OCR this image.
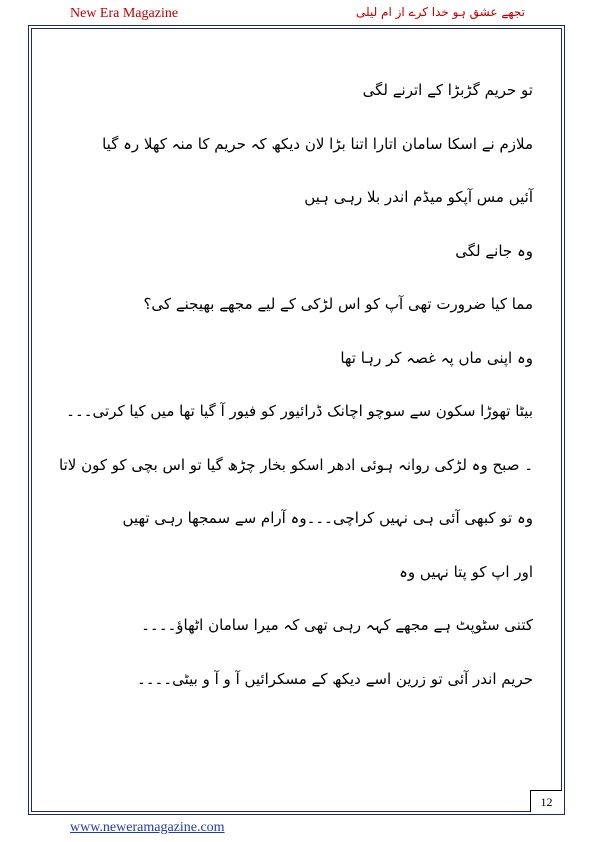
New Era Magazine	تجھے عشق ہو خدا کرے از ام لیلی
تو حریم گڑبڑا کے اترنے لگی
ملازم نے اسکا سامان اتارا اتنا بڑا لان دیکھ کہ حریم کا منہ کھلا رہ گیا
آئیں مس آپکو میڈم اندر بلا رہی ہیں
وہ جانے لگی
مما کیا ضرورت تھی آپ کو اس لڑکی کے لیے مجھے بھیجنے کی؟
وہ اپنی ماں پہ غصہ کر رہا تھا
بیٹا تھوڑا سکون سے سوچو اچانک ڈرائیور کو فیور آ گیا تھا میں کیا کرتی۔۔۔
۔ صبح وہ لڑکی روانہ ہوئی ادھر اسکو بخار چڑھ گیا تو اس بچی کو کون لاتا
وہ تو کبھی آئی ہی نہیں کراچی۔۔۔وہ آرام سے سمجھا رہی تھیں
اور اپ کو پتا نہیں وہ
کتنی سٹوپٹ ہے مجھے کہہ رہی تھی کہ میرا سامان اٹھاؤ۔۔۔۔
حریم اندر آئی تو زرین اسے دیکھ کے مسکرائیں آ و آ و بیٹی۔۔۔۔
12
www.neweramagazine.com
